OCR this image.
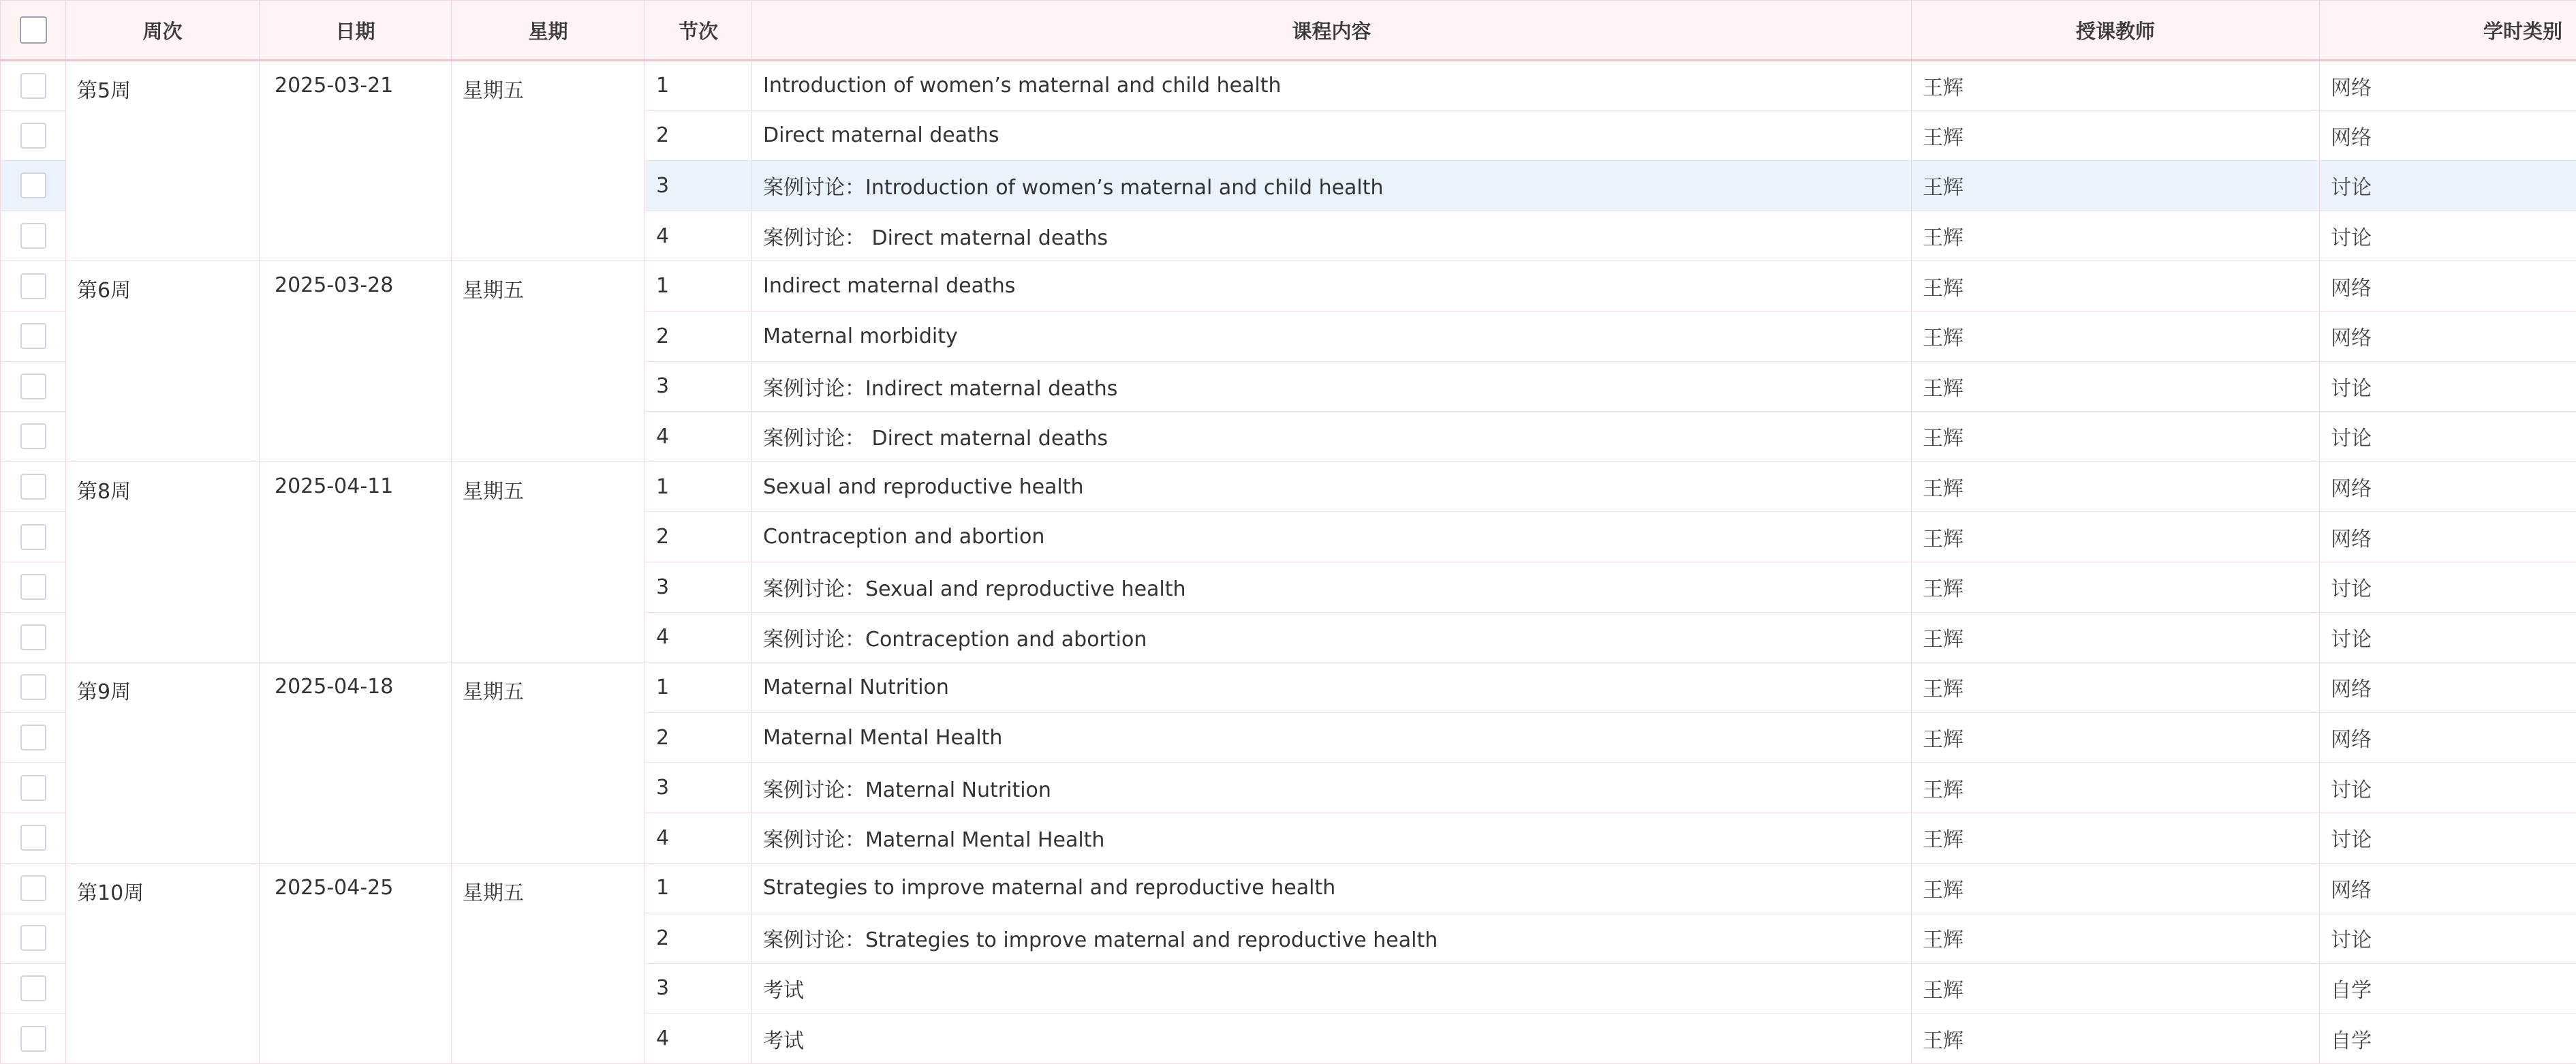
	周次	日期	星期	节次	课程内容	授课教师	学时类别
	第5周	2025-03-21	星期五	1	Introduction of women’s maternal and child health	王辉	网络
				2	Direct maternal deaths	王辉	网络
				3	案例讨论：Introduction of women’s maternal and child health	王辉	讨论
				4	案例讨论： Direct maternal deaths	王辉	讨论
	第6周	2025-03-28	星期五	1	Indirect maternal deaths	王辉	网络
				2	Maternal morbidity	王辉	网络
				3	案例讨论：Indirect maternal deaths	王辉	讨论
				4	案例讨论： Direct maternal deaths	王辉	讨论
	第8周	2025-04-11	星期五	1	Sexual and reproductive health	王辉	网络
				2	Contraception and abortion	王辉	网络
				3	案例讨论：Sexual and reproductive health	王辉	讨论
				4	案例讨论：Contraception and abortion	王辉	讨论
	第9周	2025-04-18	星期五	1	Maternal Nutrition	王辉	网络
				2	Maternal Mental Health	王辉	网络
				3	案例讨论：Maternal Nutrition	王辉	讨论
				4	案例讨论：Maternal Mental Health	王辉	讨论
	第10周	2025-04-25	星期五	1	Strategies to improve maternal and reproductive health	王辉	网络
				2	案例讨论：Strategies to improve maternal and reproductive health	王辉	讨论
				3	考试	王辉	自学
				4	考试	王辉	自学
